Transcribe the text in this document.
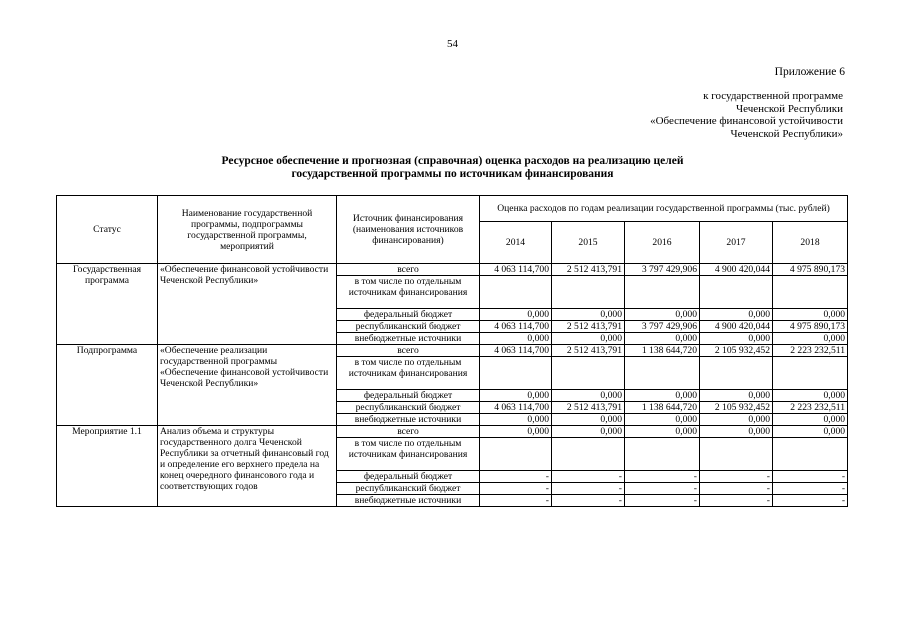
54
Приложение 6
к государственной программе
Чеченской Республики
«Обеспечение финансовой устойчивости
Чеченской Республики»
Ресурсное обеспечение и прогнозная (справочная) оценка расходов на реализацию целей
государственной программы по источникам финансирования
Статус	Наименование государственной программы, подпрограммы государственной программы, мероприятий	Источник финансирования (наименования источников финансирования)	Оценка расходов по годам реализации государственной программы (тыс. рублей)				
			2014	2015	2016	2017	2018
Государственная программа	«Обеспечение финансовой устойчивости Чеченской Республики»	всего	4 063 114,700	2 512 413,791	3 797 429,906	4 900 420,044	4 975 890,173
		в том числе по отдельным источникам финансирования					
		федеральный бюджет	0,000	0,000	0,000	0,000	0,000
		республиканский бюджет	4 063 114,700	2 512 413,791	3 797 429,906	4 900 420,044	4 975 890,173
		внебюджетные источники	0,000	0,000	0,000	0,000	0,000
Подпрограмма	«Обеспечение реализации государственной программы «Обеспечение финансовой устойчивости Чеченской Республики»	всего	4 063 114,700	2 512 413,791	1 138 644,720	2 105 932,452	2 223 232,511
		в том числе по отдельным источникам финансирования					
		федеральный бюджет	0,000	0,000	0,000	0,000	0,000
		республиканский бюджет	4 063 114,700	2 512 413,791	1 138 644,720	2 105 932,452	2 223 232,511
		внебюджетные источники	0,000	0,000	0,000	0,000	0,000
Мероприятие 1.1	Анализ объема и структуры государственного долга Чеченской Республики за отчетный финансовый год и определение его верхнего предела на конец очередного финансового года и соответствующих годов	всего	0,000	0,000	0,000	0,000	0,000
		в том числе по отдельным источникам финансирования					
		федеральный бюджет	-	-	-	-	-
		республиканский бюджет	-	-	-	-	-
		внебюджетные источники	-	-	-	-	-
